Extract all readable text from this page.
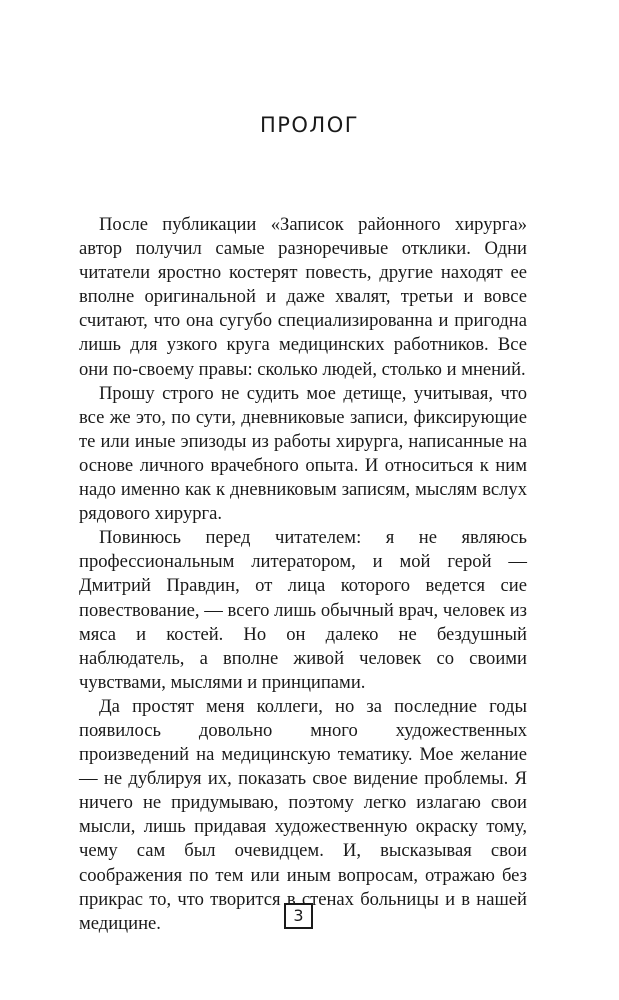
ПРОЛОГ

После публикации «Записок районного хирурга» автор получил самые разноречивые отклики. Одни читатели яростно костерят повесть, другие находят ее вполне оригинальной и даже хвалят, третьи и вовсе считают, что она сугубо специализированна и пригодна лишь для узкого круга медицинских работников. Все они по-своему правы: сколько людей, столько и мнений.

Прошу строго не судить мое детище, учитывая, что все же это, по сути, дневниковые записи, фиксирующие те или иные эпизоды из работы хирурга, написанные на основе личного врачебного опыта. И относиться к ним надо именно как к дневниковым записям, мыслям вслух рядового хирурга.

Повинюсь перед читателем: я не являюсь профессиональным литератором, и мой герой — Дмитрий Правдин, от лица которого ведется сие повествование, — всего лишь обычный врач, человек из мяса и костей. Но он далеко не бездушный наблюдатель, а вполне живой человек со своими чувствами, мыслями и принципами.

Да простят меня коллеги, но за последние годы появилось довольно много художественных произведений на медицинскую тематику. Мое желание — не дублируя их, показать свое видение проблемы. Я ничего не придумываю, поэтому легко излагаю свои мысли, лишь придавая художественную окраску тому, чему сам был очевидцем. И, высказывая свои соображения по тем или иным вопросам, отражаю без прикрас то, что творится в стенах больницы и в нашей медицине.	3
